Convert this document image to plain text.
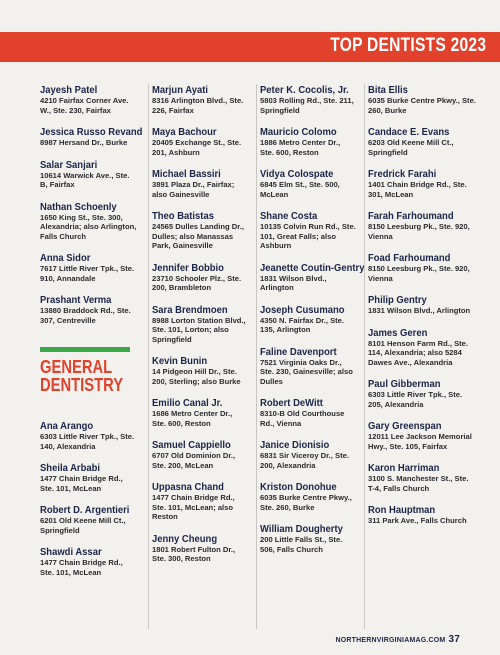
TOP DENTISTS 2023
Jayesh Patel
4210 Fairfax Corner Ave. W., Ste. 230, Fairfax
Jessica Russo Revand
8987 Hersand Dr., Burke
Salar Sanjari
10614 Warwick Ave., Ste. B, Fairfax
Nathan Schoenly
1650 King St., Ste. 300, Alexandria; also Arlington, Falls Church
Anna Sidor
7617 Little River Tpk., Ste. 910, Annandale
Prashant Verma
13880 Braddock Rd., Ste. 307, Centreville
GENERAL
DENTISTRY
Ana Arango
6303 Little River Tpk., Ste. 140, Alexandria
Sheila Arbabi
1477 Chain Bridge Rd., Ste. 101, McLean
Robert D. Argentieri
6201 Old Keene Mill Ct., Springfield
Shawdi Assar
1477 Chain Bridge Rd., Ste. 101, McLean
Marjun Ayati
8316 Arlington Blvd., Ste. 226, Fairfax
Maya Bachour
20405 Exchange St., Ste. 201, Ashburn
Michael Bassiri
3891 Plaza Dr., Fairfax; also Gainesville
Theo Batistas
24565 Dulles Landing Dr., Dulles; also Manassas Park, Gainesville
Jennifer Bobbio
23710 Schooler Plz., Ste. 200, Brambleton
Sara Brendmoen
8988 Lorton Station Blvd., Ste. 101, Lorton; also Springfield
Kevin Bunin
14 Pidgeon Hill Dr., Ste. 200, Sterling; also Burke
Emilio Canal Jr.
1686 Metro Center Dr., Ste. 600, Reston
Samuel Cappiello
6707 Old Dominion Dr., Ste. 200, McLean
Uppasna Chand
1477 Chain Bridge Rd., Ste. 101, McLean; also Reston
Jenny Cheung
1801 Robert Fulton Dr., Ste. 300, Reston
Peter K. Cocolis, Jr.
5803 Rolling Rd., Ste. 211, Springfield
Mauricio Colomo
1886 Metro Center Dr., Ste. 600, Reston
Vidya Colospate
6845 Elm St., Ste. 500, McLean
Shane Costa
10135 Colvin Run Rd., Ste. 101, Great Falls; also Ashburn
Jeanette Coutin-Gentry
1831 Wilson Blvd., Arlington
Joseph Cusumano
4350 N. Fairfax Dr., Ste. 135, Arlington
Faline Davenport
7521 Virginia Oaks Dr., Ste. 230, Gainesville; also Dulles
Robert DeWitt
8310-B Old Courthouse Rd., Vienna
Janice Dionisio
6831 Sir Viceroy Dr., Ste. 200, Alexandria
Kriston Donohue
6035 Burke Centre Pkwy., Ste. 260, Burke
William Dougherty
200 Little Falls St., Ste. 506, Falls Church
Bita Ellis
6035 Burke Centre Pkwy., Ste. 260, Burke
Candace E. Evans
6203 Old Keene Mill Ct., Springfield
Fredrick Farahi
1401 Chain Bridge Rd., Ste. 301, McLean
Farah Farhoumand
8150 Leesburg Pk., Ste. 920, Vienna
Foad Farhoumand
8150 Leesburg Pk., Ste. 920, Vienna
Philip Gentry
1831 Wilson Blvd., Arlington
James Geren
8101 Henson Farm Rd., Ste. 114, Alexandria; also 5284 Dawes Ave., Alexandria
Paul Gibberman
6303 Little River Tpk., Ste. 205, Alexandria
Gary Greenspan
12011 Lee Jackson Memorial Hwy., Ste. 105, Fairfax
Karon Harriman
3100 S. Manchester St., Ste. T-4, Falls Church
Ron Hauptman
311 Park Ave., Falls Church
NORTHERNVIRGINIAMAG.COM 37
